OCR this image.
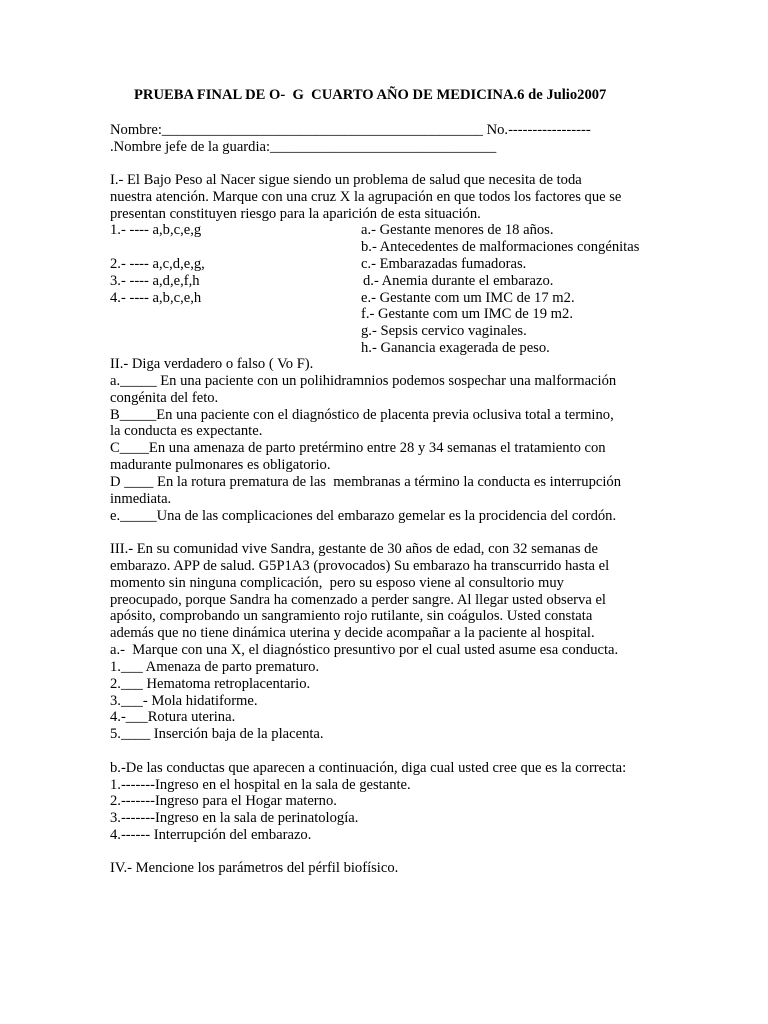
PRUEBA FINAL DE O-  G  CUARTO AÑO DE MEDICINA.6 de Julio2007
Nombre:____________________________________________ No.-----------------
.Nombre jefe de la guardia:_______________________________
I.- El Bajo Peso al Nacer sigue siendo un problema de salud que necesita de toda
nuestra atención. Marque con una cruz X la agrupación en que todos los factores que se
presentan constituyen riesgo para la aparición de esta situación.
1.- ---- a,b,c,e,g
2.- ---- a,c,d,e,g,
3.- ---- a,d,e,f,h
4.- ---- a,b,c,e,h
a.- Gestante menores de 18 años.
b.- Antecedentes de malformaciones congénitas
c.- Embarazadas fumadoras.
d.- Anemia durante el embarazo.
e.- Gestante com um IMC de 17 m2.
f.- Gestante com um IMC de 19 m2.
g.- Sepsis cervico vaginales.
h.- Ganancia exagerada de peso.
II.- Diga verdadero o falso ( Vo F).
a._____ En una paciente con un polihidramnios podemos sospechar una malformación
congénita del feto.
B_____En una paciente con el diagnóstico de placenta previa oclusiva total a termino,
la conducta es expectante.
C____En una amenaza de parto pretérmino entre 28 y 34 semanas el tratamiento con
madurante pulmonares es obligatorio.
D ____ En la rotura prematura de las  membranas a término la conducta es interrupción
inmediata.
e._____Una de las complicaciones del embarazo gemelar es la procidencia del cordón.
III.- En su comunidad vive Sandra, gestante de 30 años de edad, con 32 semanas de
embarazo. APP de salud. G5P1A3 (provocados) Su embarazo ha transcurrido hasta el
momento sin ninguna complicación,  pero su esposo viene al consultorio muy
preocupado, porque Sandra ha comenzado a perder sangre. Al llegar usted observa el
apósito, comprobando un sangramiento rojo rutilante, sin coágulos. Usted constata
además que no tiene dinámica uterina y decide acompañar a la paciente al hospital.
a.-  Marque con una X, el diagnóstico presuntivo por el cual usted asume esa conducta.
1.___ Amenaza de parto prematuro.
2.___ Hematoma retroplacentario.
3.___- Mola hidatiforme.
4.-___Rotura uterina.
5.____ Inserción baja de la placenta.
b.-De las conductas que aparecen a continuación, diga cual usted cree que es la correcta:
1.-------Ingreso en el hospital en la sala de gestante.
2.-------Ingreso para el Hogar materno.
3.-------Ingreso en la sala de perinatología.
4.------ Interrupción del embarazo.
IV.- Mencione los parámetros del pérfil biofísico.
